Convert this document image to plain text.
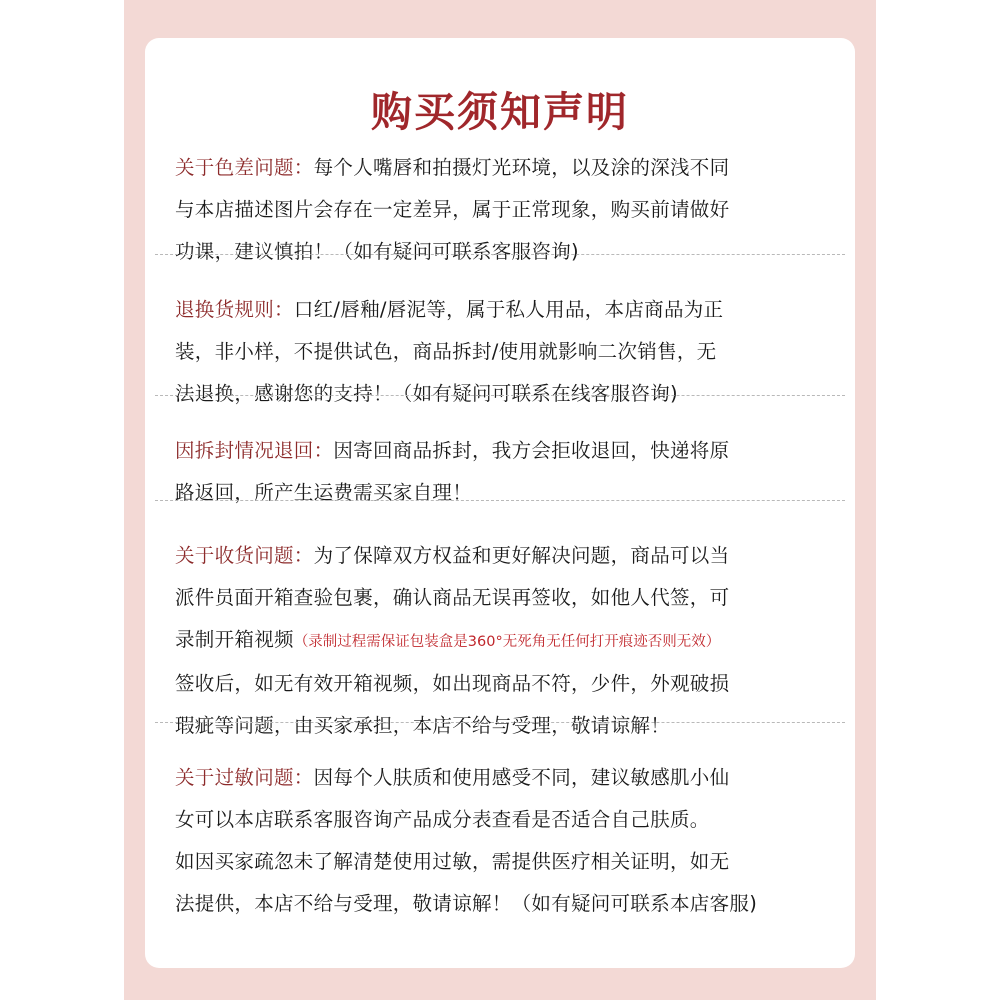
购买须知声明
关于色差问题：每个人嘴唇和拍摄灯光环境，以及涂的深浅不同
与本店描述图片会存在一定差异，属于正常现象，购买前请做好
功课，建议慎拍！（如有疑问可联系客服咨询)
退换货规则：口红/唇釉/唇泥等，属于私人用品，本店商品为正
装，非小样，不提供试色，商品拆封/使用就影响二次销售，无
法退换，感谢您的支持！（如有疑问可联系在线客服咨询)
因拆封情况退回：因寄回商品拆封，我方会拒收退回，快递将原
路返回，所产生运费需买家自理！
关于收货问题：为了保障双方权益和更好解决问题，商品可以当
派件员面开箱查验包裹，确认商品无误再签收，如他人代签，可
录制开箱视频（录制过程需保证包装盒是360°无死角无任何打开痕迹否则无效）
签收后，如无有效开箱视频，如出现商品不符，少件，外观破损
瑕疵等问题，由买家承担，本店不给与受理，敬请谅解！
关于过敏问题：因每个人肤质和使用感受不同，建议敏感肌小仙
女可以本店联系客服咨询产品成分表查看是否适合自己肤质。
如因买家疏忽未了解清楚使用过敏，需提供医疗相关证明，如无
法提供，本店不给与受理，敬请谅解！（如有疑问可联系本店客服)
